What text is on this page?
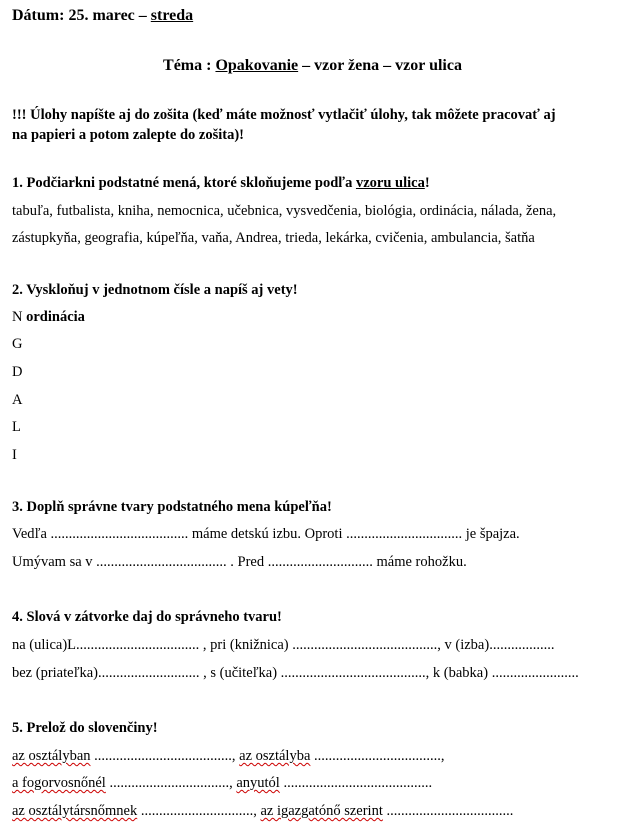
Dátum: 25. marec – streda
Téma : Opakovanie – vzor žena – vzor ulica
!!! Úlohy napíšte aj do zošita (keď máte možnosť vytlačiť úlohy, tak môžete pracovať aj
na papieri a potom zalepte do zošita)!
1. Podčiarkni podstatné mená, ktoré skloňujeme podľa vzoru ulica!
tabuľa, futbalista, kniha, nemocnica, učebnica, vysvedčenia, biológia, ordinácia, nálada, žena,
zástupkyňa, geografia, kúpeľňa, vaňa, Andrea, trieda, lekárka, cvičenia, ambulancia, šatňa
2. Vyskloňuj v jednotnom čísle a napíš aj vety!
N ordinácia
G
D
A
L
I
3. Doplň správne tvary podstatného mena kúpeľňa!
Vedľa ...................................... máme detskú izbu. Oproti ................................ je špajza.
Umývam sa v .................................... . Pred ............................. máme rohožku.
4. Slová v zátvorke daj do správneho tvaru!
na (ulica)L.................................. , pri (knižnica) ........................................, v (izba)..................
bez (priateľka)............................ , s (učiteľka) ........................................, k (babka) ........................
5. Prelož do slovenčiny!
az osztályban ......................................, az osztályba ...................................,
a fogorvosnőnél ................................., anyutól .........................................
az osztálytársnőmnek ..............................., az igazgatónő szerint ...................................
